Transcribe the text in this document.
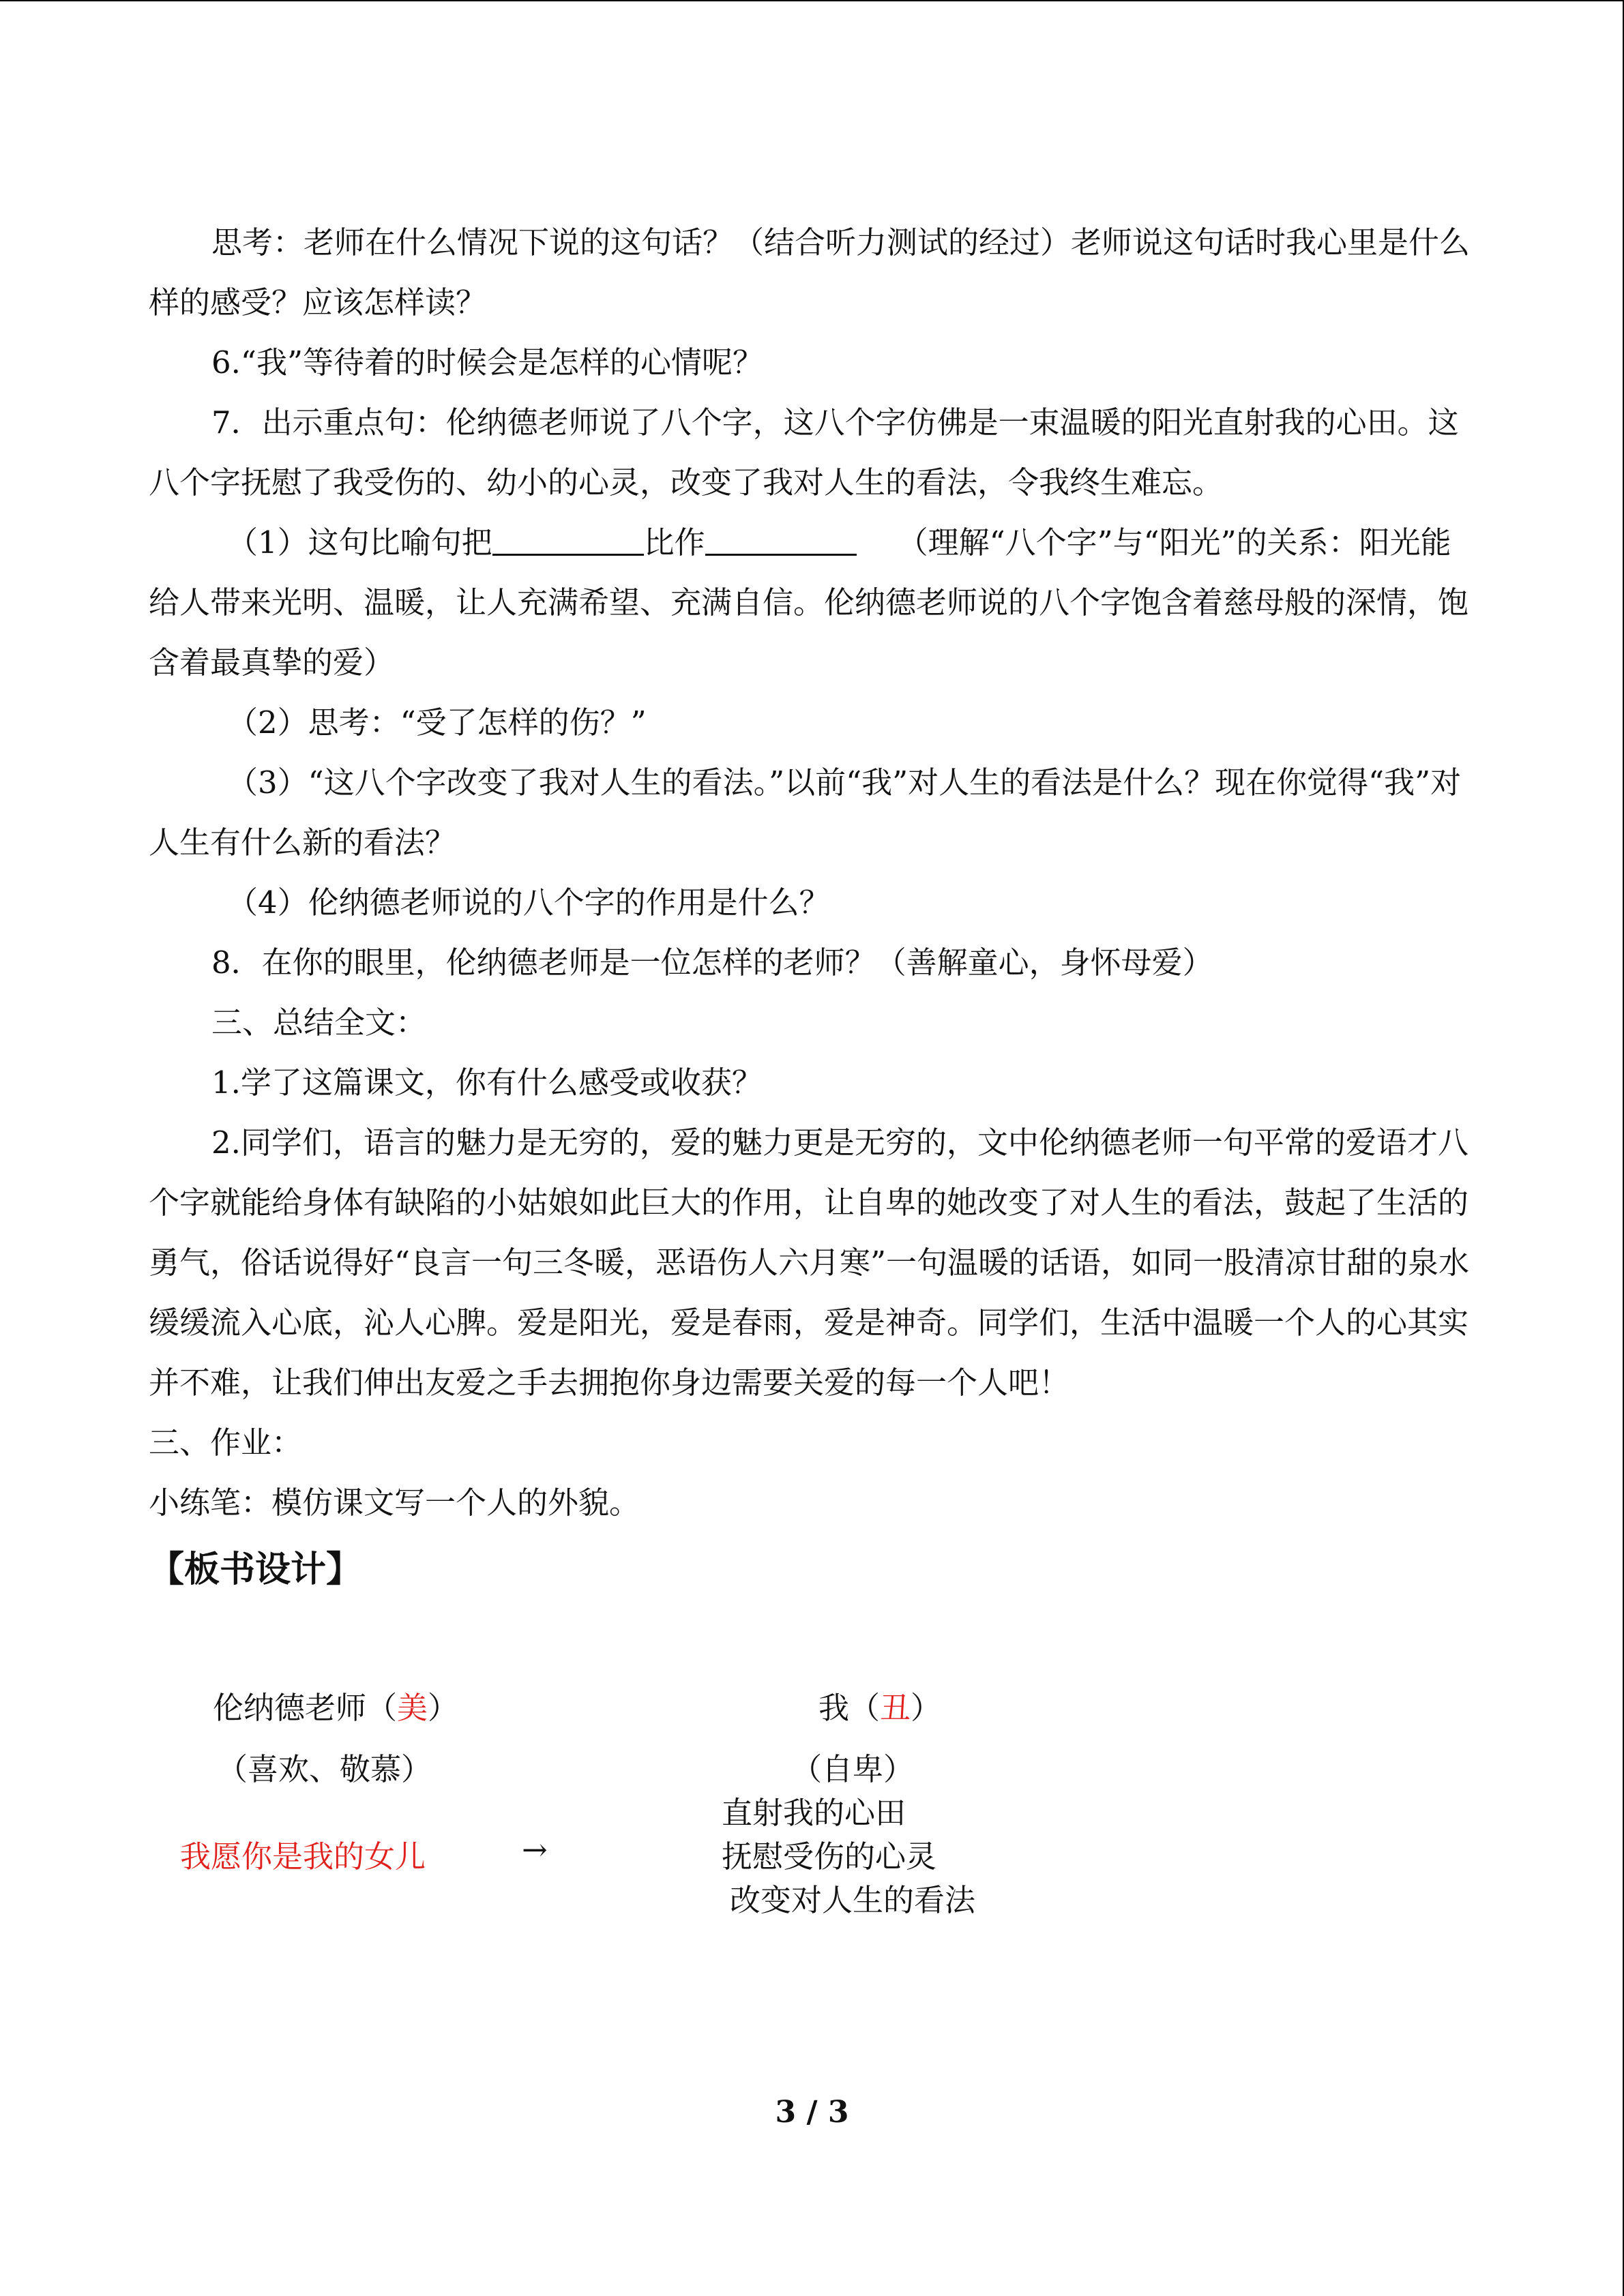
思考：老师在什么情况下说的这句话？（结合听力测试的经过）老师说这句话时我心里是什么样的感受？应该怎样读？

6.“我”等待着的时候会是怎样的心情呢？

7．出示重点句：伦纳德老师说了八个字，这八个字仿佛是一束温暖的阳光直射我的心田。这八个字抚慰了我受伤的、幼小的心灵，改变了我对人生的看法，令我终生难忘。

（1）这句比喻句把	比作	（理解“八个字”与“阳光”的关系：阳光能给人带来光明、温暖，让人充满希望、充满自信。伦纳德老师说的八个字饱含着慈母般的深情，饱含着最真挚的爱）

（2）思考：“受了怎样的伤？”

（3）“这八个字改变了我对人生的看法。”以前“我”对人生的看法是什么？现在你觉得“我”对人生有什么新的看法？

（4）伦纳德老师说的八个字的作用是什么？

8．在你的眼里，伦纳德老师是一位怎样的老师？（善解童心，身怀母爱）

三、总结全文：

1.学了这篇课文，你有什么感受或收获？

2.同学们，语言的魅力是无穷的，爱的魅力更是无穷的，文中伦纳德老师一句平常的爱语才八个字就能给身体有缺陷的小姑娘如此巨大的作用，让自卑的她改变了对人生的看法，鼓起了生活的勇气，俗话说得好“良言一句三冬暖，恶语伤人六月寒”一句温暖的话语，如同一股清凉甘甜的泉水缓缓流入心底，沁人心脾。爱是阳光，爱是春雨，爱是神奇。同学们，生活中温暖一个人的心其实并不难，让我们伸出友爱之手去拥抱你身边需要关爱的每一个人吧！

三、作业：

小练笔：模仿课文写一个人的外貌。

【板书设计】

伦纳德老师（美）	我（丑）
（喜欢、敬慕）	（自卑）
直射我的心田
我愿你是我的女儿	→	抚慰受伤的心灵
改变对人生的看法
3 / 3
